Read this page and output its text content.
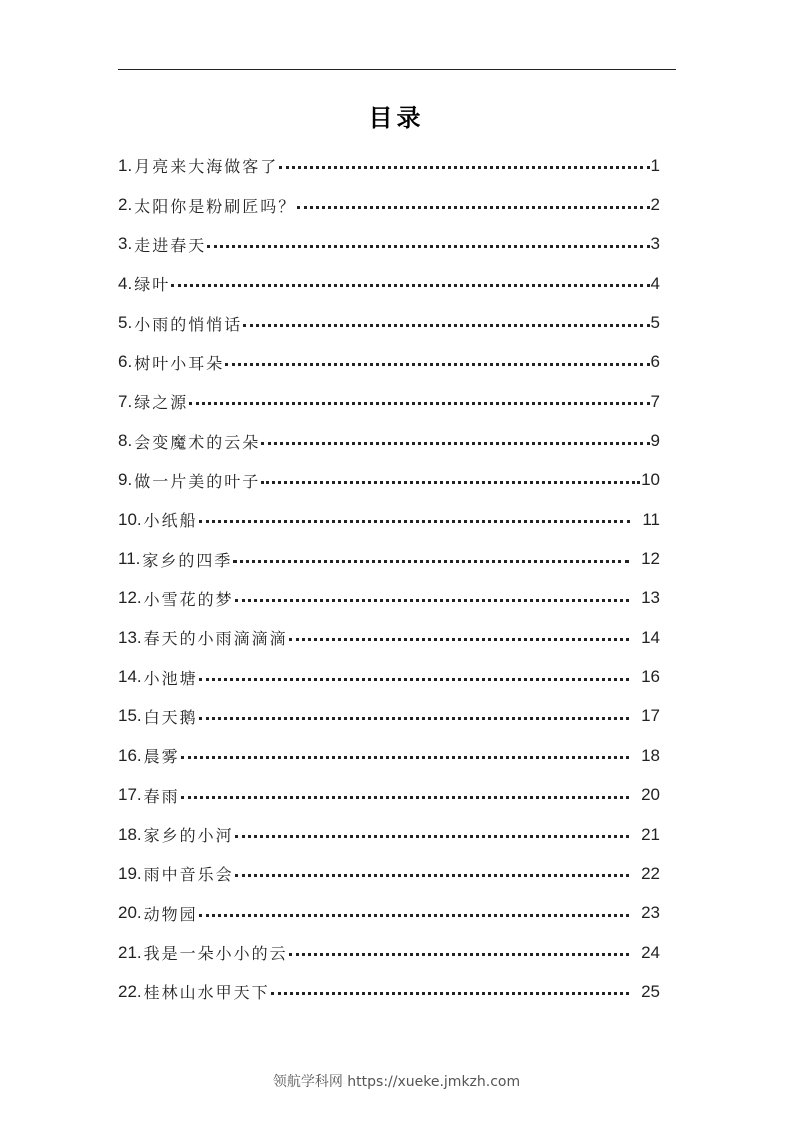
目录
1. 月亮来大海做客了	1
2. 太阳你是粉刷匠吗？	2
3. 走进春天	3
4. 绿叶	4
5. 小雨的悄悄话	5
6. 树叶小耳朵	6
7. 绿之源	7
8. 会变魔术的云朵	9
9. 做一片美的叶子	10
10. 小纸船	11
11. 家乡的四季	12
12. 小雪花的梦	13
13. 春天的小雨滴滴滴	14
14. 小池塘	16
15. 白天鹅	17
16. 晨雾	18
17. 春雨	20
18. 家乡的小河	21
19. 雨中音乐会	22
20. 动物园	23
21. 我是一朵小小的云	24
22. 桂林山水甲天下	25
领航学科网 https://xueke.jmkzh.com
